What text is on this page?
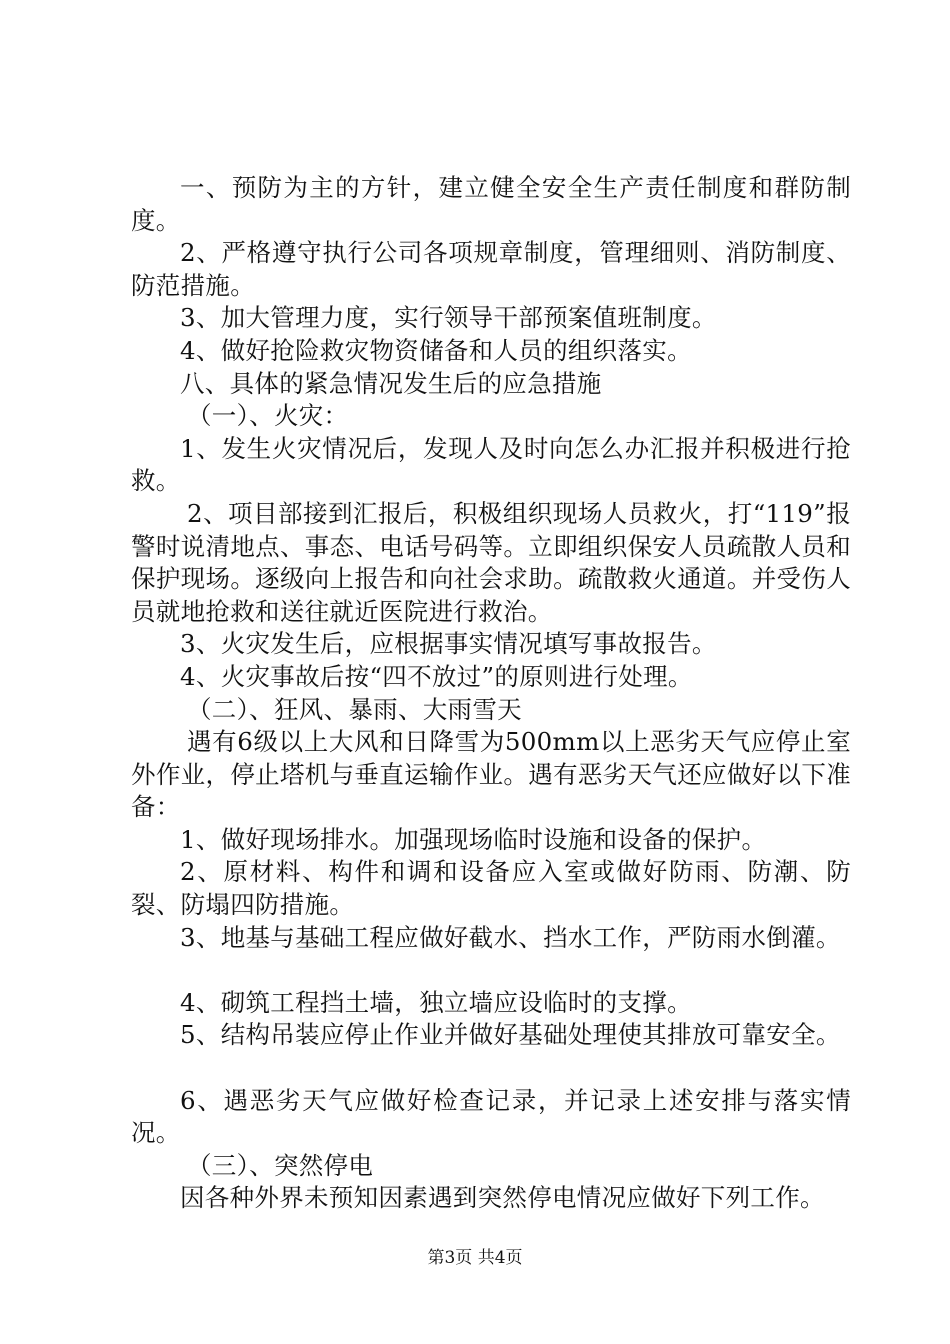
一、预防为主的方针，建立健全安全生产责任制度和群防制度。

2、严格遵守执行公司各项规章制度，管理细则、消防制度、防范措施。

3、加大管理力度，实行领导干部预案值班制度。

4、做好抢险救灾物资储备和人员的组织落实。

八、具体的紧急情况发生后的应急措施

（一）、火灾：

1、发生火灾情况后，发现人及时向怎么办汇报并积极进行抢救。

2、项目部接到汇报后，积极组织现场人员救火，打“119”报警时说清地点、事态、电话号码等。立即组织保安人员疏散人员和保护现场。逐级向上报告和向社会求助。疏散救火通道。并受伤人员就地抢救和送往就近医院进行救治。

3、火灾发生后，应根据事实情况填写事故报告。

4、火灾事故后按“四不放过”的原则进行处理。

（二）、狂风、暴雨、大雨雪天

遇有6级以上大风和日降雪为500mm以上恶劣天气应停止室外作业，停止塔机与垂直运输作业。遇有恶劣天气还应做好以下准备：

1、做好现场排水。加强现场临时设施和设备的保护。

2、原材料、构件和调和设备应入室或做好防雨、防潮、防裂、防塌四防措施。

3、地基与基础工程应做好截水、挡水工作，严防雨水倒灌。

4、砌筑工程挡土墙，独立墙应设临时的支撑。

5、结构吊装应停止作业并做好基础处理使其排放可靠安全。

6、遇恶劣天气应做好检查记录，并记录上述安排与落实情况。

（三）、突然停电

因各种外界未预知因素遇到突然停电情况应做好下列工作。

第3页 共4页
